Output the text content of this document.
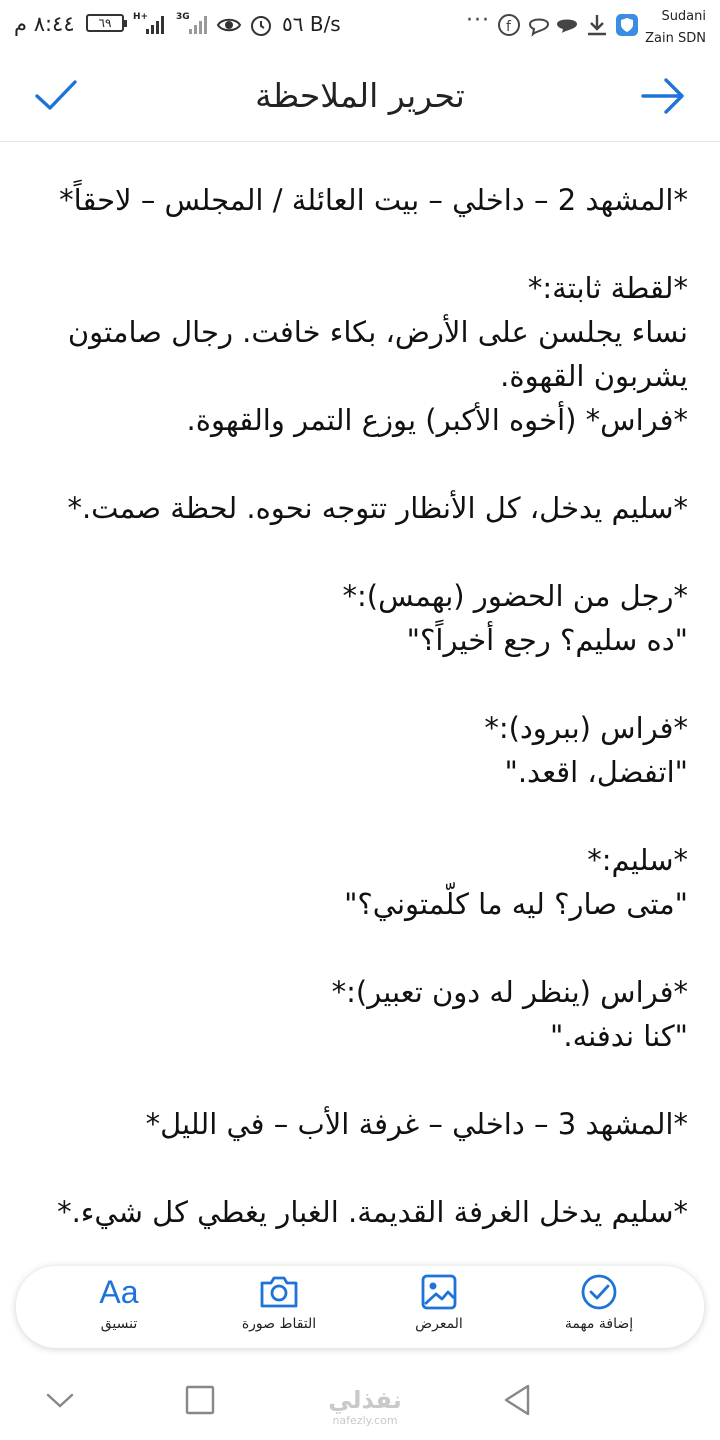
٨:٤٤ م	٦٩	H+	3G	٥٦ B/s	··· f
Sudani
Zain SDN
تحرير الملاحظة
*المشهد 2 – داخلي – بيت العائلة / المجلس – لاحقاً*
*لقطة ثابتة:*
نساء يجلسن على الأرض، بكاء خافت. رجال صامتون يشربون القهوة.
*فراس* (أخوه الأكبر) يوزع التمر والقهوة.
*سليم يدخل، كل الأنظار تتوجه نحوه. لحظة صمت.*
*رجل من الحضور (بهمس):*
"ده سليم؟ رجع أخيراً؟"
*فراس (ببرود):*
"اتفضل، اقعد."
*سليم:*
"متى صار؟ ليه ما كلّمتوني؟"
*فراس (ينظر له دون تعبير):*
"كنا ندفنه."
*المشهد 3 – داخلي – غرفة الأب – في الليل*
*سليم يدخل الغرفة القديمة. الغبار يغطي كل شيء.*
Aa
تنسيق	التقاط صورة	المعرض	إضافة مهمة
نفذلي
nafezly.com
